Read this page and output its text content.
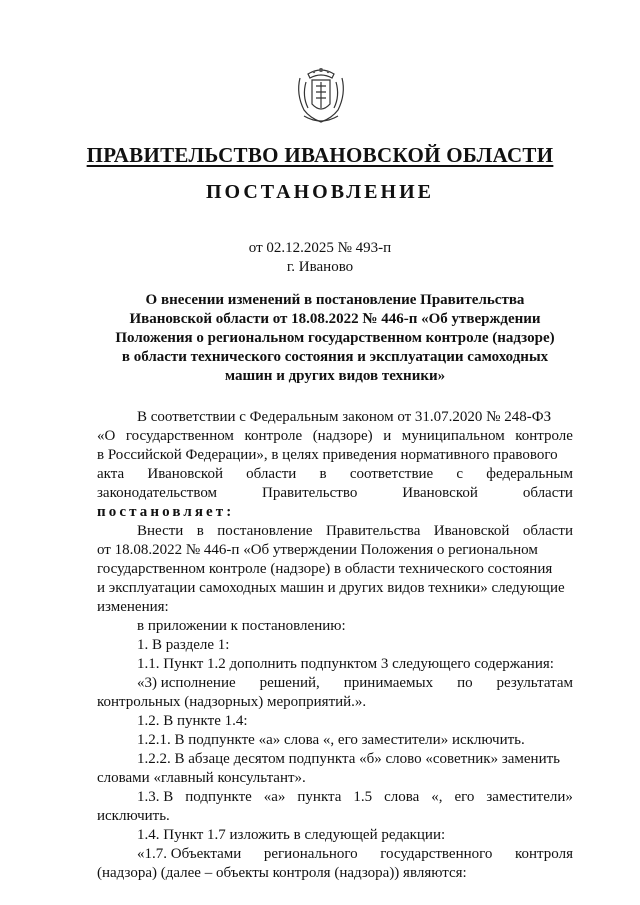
ПРАВИТЕЛЬСТВО ИВАНОВСКОЙ ОБЛАСТИ
ПОСТАНОВЛЕНИЕ
от 02.12.2025 № 493-п
г. Иваново
О внесении изменений в постановление Правительства
Ивановской области от 18.08.2022 № 446-п «Об утверждении
Положения о региональном государственном контроле (надзоре)
в области технического состояния и эксплуатации самоходных
машин и других видов техники»
В соответствии с Федеральным законом от 31.07.2020 № 248-ФЗ
«О государственном контроле (надзоре) и муниципальном контроле
в Российской Федерации», в целях приведения нормативного правового
акта Ивановской области в соответствие с федеральным
законодательством	Правительство	Ивановской	области
постановляет:
Внести в постановление Правительства Ивановской области
от 18.08.2022 № 446-п «Об утверждении Положения о региональном
государственном контроле (надзоре) в области технического состояния
и эксплуатации самоходных машин и других видов техники» следующие
изменения:
в приложении к постановлению:
1. В разделе 1:
1.1. Пункт 1.2 дополнить подпунктом 3 следующего содержания:
«3) исполнение решений, принимаемых по результатам
контрольных (надзорных) мероприятий.».
1.2. В пункте 1.4:
1.2.1. В подпункте «а» слова «, его заместители» исключить.
1.2.2. В абзаце десятом подпункта «б» слово «советник» заменить
словами «главный консультант».
1.3. В подпункте «а» пункта 1.5 слова «, его заместители»
исключить.
1.4. Пункт 1.7 изложить в следующей редакции:
«1.7. Объектами регионального государственного контроля
(надзора) (далее – объекты контроля (надзора)) являются:
